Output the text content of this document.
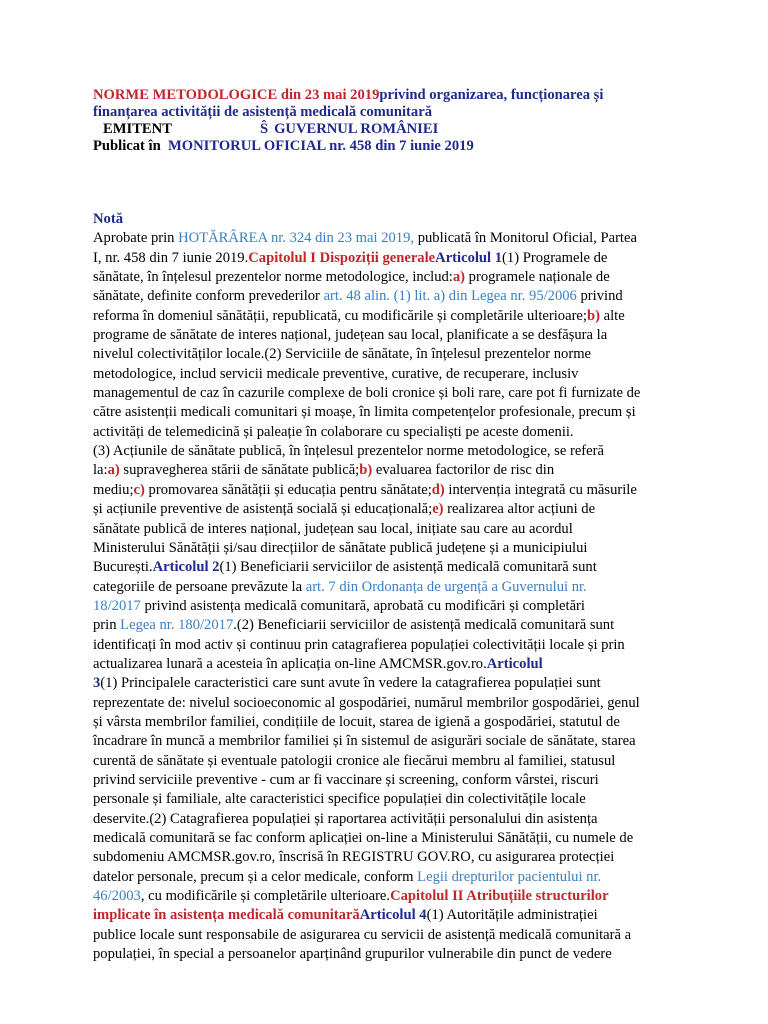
NORME METODOLOGICE din 23 mai 2019privind organizarea, funcționarea și
finanțarea activității de asistență medicală comunitară
EMITENT	Ŝ GUVERNUL ROMÂNIEI
Publicat în MONITORUL OFICIAL nr. 458 din 7 iunie 2019
Notă
Aprobate prin HOTĂRÂREA nr. 324 din 23 mai 2019, publicată în Monitorul Oficial, Partea
I, nr. 458 din 7 iunie 2019.Capitolul I Dispoziții generaleArticolul 1(1) Programele de
sănătate, în înțelesul prezentelor norme metodologice, includ:a) programele naționale de
sănătate, definite conform prevederilor art. 48 alin. (1) lit. a) din Legea nr. 95/2006 privind
reforma în domeniul sănătății, republicată, cu modificările și completările ulterioare;b) alte
programe de sănătate de interes național, județean sau local, planificate a se desfășura la
nivelul colectivităților locale.(2) Serviciile de sănătate, în înțelesul prezentelor norme
metodologice, includ servicii medicale preventive, curative, de recuperare, inclusiv
managementul de caz în cazurile complexe de boli cronice și boli rare, care pot fi furnizate de
către asistenții medicali comunitari și moașe, în limita competențelor profesionale, precum și
activități de telemedicină și paleație în colaborare cu specialiști pe aceste domenii.
(3) Acțiunile de sănătate publică, în înțelesul prezentelor norme metodologice, se referă
la:a) supravegherea stării de sănătate publică;b) evaluarea factorilor de risc din
mediu;c) promovarea sănătății și educația pentru sănătate;d) intervenția integrată cu măsurile
și acțiunile preventive de asistență socială și educațională;e) realizarea altor acțiuni de
sănătate publică de interes național, județean sau local, inițiate sau care au acordul
Ministerului Sănătății și/sau direcțiilor de sănătate publică județene și a municipiului
București.Articolul 2(1) Beneficiarii serviciilor de asistență medicală comunitară sunt
categoriile de persoane prevăzute la art. 7 din Ordonanța de urgență a Guvernului nr.
18/2017 privind asistența medicală comunitară, aprobată cu modificări și completări
prin Legea nr. 180/2017.(2) Beneficiarii serviciilor de asistență medicală comunitară sunt
identificați în mod activ și continuu prin catagrafierea populației colectivității locale și prin
actualizarea lunară a acesteia în aplicația on-line AMCMSR.gov.ro.Articolul
3(1) Principalele caracteristici care sunt avute în vedere la catagrafierea populației sunt
reprezentate de: nivelul socioeconomic al gospodăriei, numărul membrilor gospodăriei, genul
și vârsta membrilor familiei, condițiile de locuit, starea de igienă a gospodăriei, statutul de
încadrare în muncă a membrilor familiei și în sistemul de asigurări sociale de sănătate, starea
curentă de sănătate și eventuale patologii cronice ale fiecărui membru al familiei, statusul
privind serviciile preventive - cum ar fi vaccinare și screening, conform vârstei, riscuri
personale și familiale, alte caracteristici specifice populației din colectivitățile locale
deservite.(2) Catagrafierea populației și raportarea activității personalului din asistența
medicală comunitară se fac conform aplicației on-line a Ministerului Sănătății, cu numele de
subdomeniu AMCMSR.gov.ro, înscrisă în REGISTRU GOV.RO, cu asigurarea protecției
datelor personale, precum și a celor medicale, conform Legii drepturilor pacientului nr.
46/2003, cu modificările și completările ulterioare.Capitolul II Atribuțiile structurilor
implicate în asistența medicală comunitarăArticolul 4(1) Autoritățile administrației
publice locale sunt responsabile de asigurarea cu servicii de asistență medicală comunitară a
populației, în special a persoanelor aparținând grupurilor vulnerabile din punct de vedere
